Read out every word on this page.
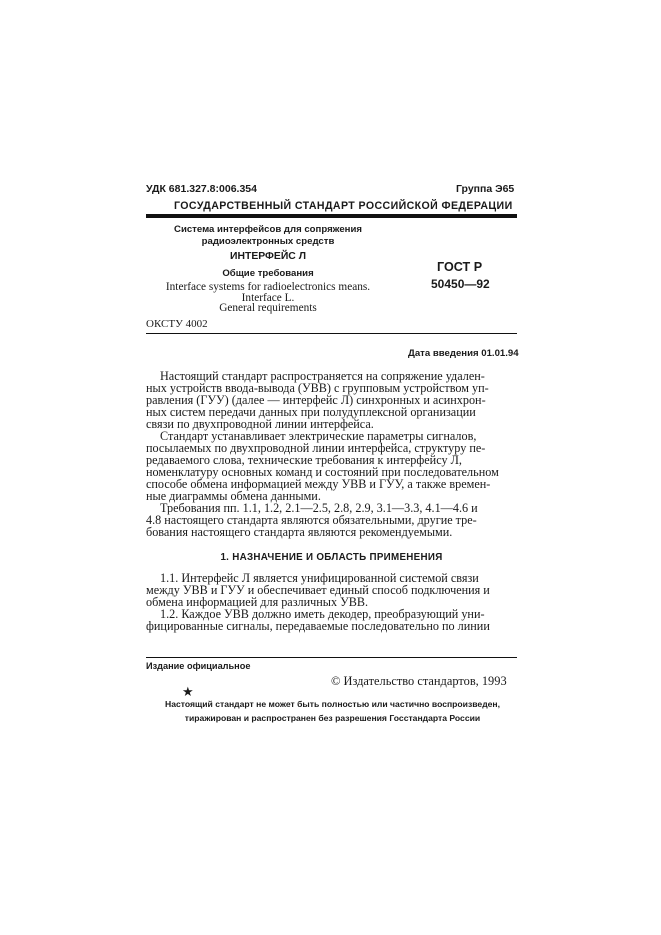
УДК 681.327.8:006.354	Группа Э65
ГОСУДАРСТВЕННЫЙ СТАНДАРТ РОССИЙСКОЙ ФЕДЕРАЦИИ
Система интерфейсов для сопряжения
радиоэлектронных средств
ИНТЕРФЕЙС Л
Общие требования
Interface systems for radioelectronics means.
Interface L.
General requirements
ГОСТ Р
50450—92
ОКСТУ 4002
Дата введения 01.01.94
Настоящий стандарт распространяется на сопряжение удален-
ных устройств ввода-вывода (УВВ) с групповым устройством уп-
равления (ГУУ) (далее — интерфейс Л) синхронных и асинхрон-
ных систем передачи данных при полудуплексной организации
связи по двухпроводной линии интерфейса.
Стандарт устанавливает электрические параметры сигналов,
посылаемых по двухпроводной линии интерфейса, структуру пе-
редаваемого слова, технические требования к интерфейсу Л,
номенклатуру основных команд и состояний при последовательном
способе обмена информацией между УВВ и ГУУ, а также времен-
ные диаграммы обмена данными.
Требования пп. 1.1, 1.2, 2.1—2.5, 2.8, 2.9, 3.1—3.3, 4.1—4.6 и
4.8 настоящего стандарта являются обязательными, другие тре-
бования настоящего стандарта являются рекомендуемыми.
1. НАЗНАЧЕНИЕ И ОБЛАСТЬ ПРИМЕНЕНИЯ
1.1. Интерфейс Л является унифицированной системой связи
между УВВ и ГУУ и обеспечивает единый способ подключения и
обмена информацией для различных УВВ.
1.2. Каждое УВВ должно иметь декодер, преобразующий уни-
фицированные сигналы, передаваемые последовательно по линии
Издание официальное
© Издательство стандартов, 1993
★
Настоящий стандарт не может быть полностью или частично воспроизведен,
тиражирован и распространен без разрешения Госстандарта России
